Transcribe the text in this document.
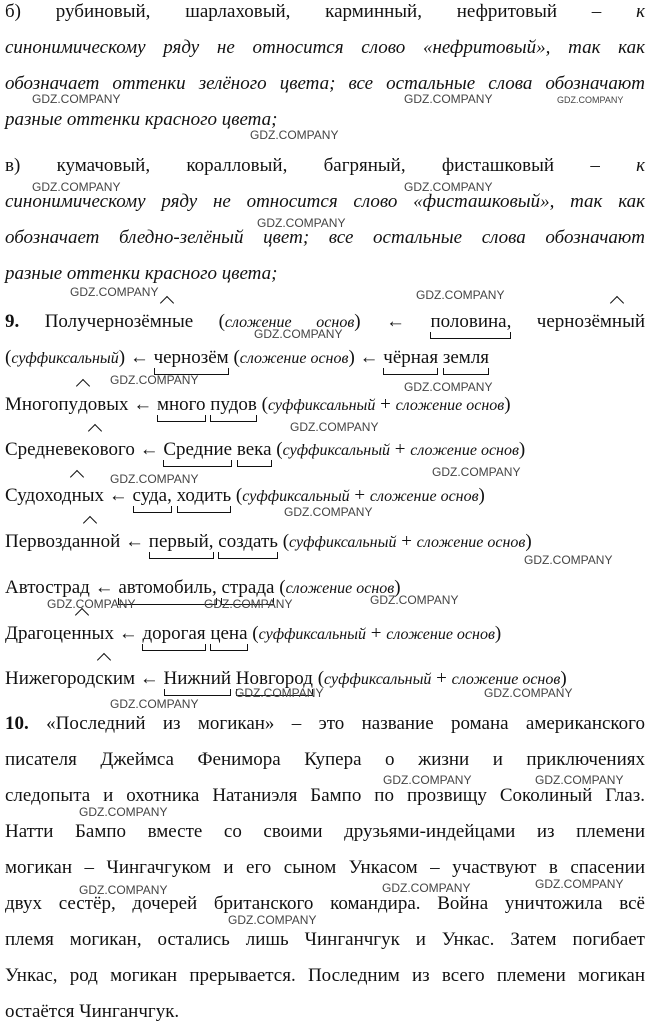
б) рубиновый, шарлаховый, карминный, нефритовый – к
синонимическому ряду не относится слово «нефритовый», так как
обозначает оттенки зелёного цвета; все остальные слова обозначают
разные оттенки красного цвета;
в) кумачовый, коралловый, багряный, фисташковый – к
синонимическому ряду не относится слово «фисташковый», так как
обозначает бледно-зелёный цвет; все остальные слова обозначают
разные оттенки красного цвета;
9. Получернозёмные (сложение основ) ← половина, чернозёмный
(суффиксальный) ← чернозём (сложение основ) ← чёрная земля
Многопудовых ← много пудов (суффиксальный + сложение основ)
Средневекового ← Средние века (суффиксальный + сложение основ)
Судоходных ← суда, ходить (суффиксальный + сложение основ)
Первозданной ← первый, создать (суффиксальный + сложение основ)
Автострад ← автомобиль, страда (сложение основ)
Драгоценных ← дорогая цена (суффиксальный + сложение основ)
Нижегородским ← Нижний Новгород (суффиксальный + сложение основ)
10. «Последний из могикан» – это название романа американского
писателя Джеймса Фенимора Купера о жизни и приключениях
следопыта и охотника Натаниэля Бампо по прозвищу Соколиный Глаз.
Натти Бампо вместе со своими друзьями-индейцами из племени
могикан – Чингачгуком и его сыном Ункасом – участвуют в спасении
двух сестёр, дочерей британского командира. Война уничтожила всё
племя могикан, остались лишь Чинганчгук и Ункас. Затем погибает
Ункас, род могикан прерывается. Последним из всего племени могикан
остаётся Чинганчгук.
GDZ.COMPANY	GDZ.COMPANY	GDZ.COMPANY
GDZ.COMPANY
GDZ.COMPANY	GDZ.COMPANY
GDZ.COMPANY
GDZ.COMPANY	GDZ.COMPANY
GDZ.COMPANY
GDZ.COMPANY	GDZ.COMPANY
GDZ.COMPANY
GDZ.COMPANY
GDZ.COMPANY
GDZ.COMPANY
GDZ.COMPANY
GDZ.COMPANY
GDZ.COMPANY	GDZ.COMPANY
GDZ.COMPANY
GDZ.COMPANY	GDZ.COMPANY
GDZ.COMPANY	GDZ.COMPANY
GDZ.COMPANY
GDZ.COMPANY
GDZ.COMPANY
GDZ.COMPANY
GDZ.COMPANY
